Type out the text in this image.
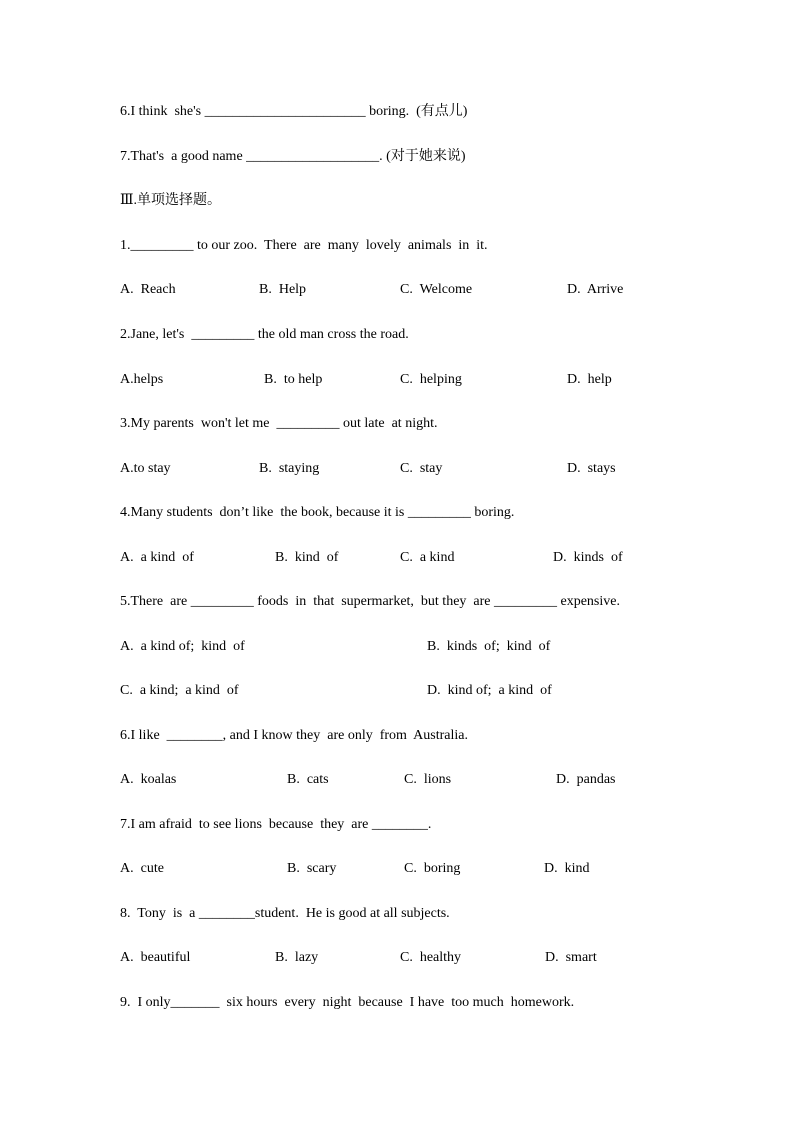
6.I think  she's _______________________ boring.  (有点儿)
7.That's  a good name ___________________. (对于她来说)
Ⅲ.单项选择题。
1._________ to our zoo.  There  are  many  lovely  animals  in  it.
A.  Reach	B.  Help	C.  Welcome	D.  Arrive
2.Jane, let's  _________ the old man cross the road.
A.helps	B.  to help	C.  helping	D.  help
3.My parents  won't let me  _________ out late  at night.
A.to stay	B.  staying	C.  stay	D.  stays
4.Many students  don’t like  the book, because it is _________ boring.
A.  a kind  of	B.  kind  of	C.  a kind	D.  kinds  of
5.There  are _________ foods  in  that  supermarket,  but they  are _________ expensive.
A.  a kind of;  kind  of	B.  kinds  of;  kind  of
C.  a kind;  a kind  of	D.  kind of;  a kind  of
6.I like  ________, and I know they  are only  from  Australia.
A.  koalas	B.  cats	C.  lions	D.  pandas
7.I am afraid  to see lions  because  they  are ________.
A.  cute	B.  scary	C.  boring	D.  kind
8.  Tony  is  a ________student.  He is good at all subjects.
A.  beautiful	B.  lazy	C.  healthy	D.  smart
9.  I only_______  six hours  every  night  because  I have  too much  homework.
